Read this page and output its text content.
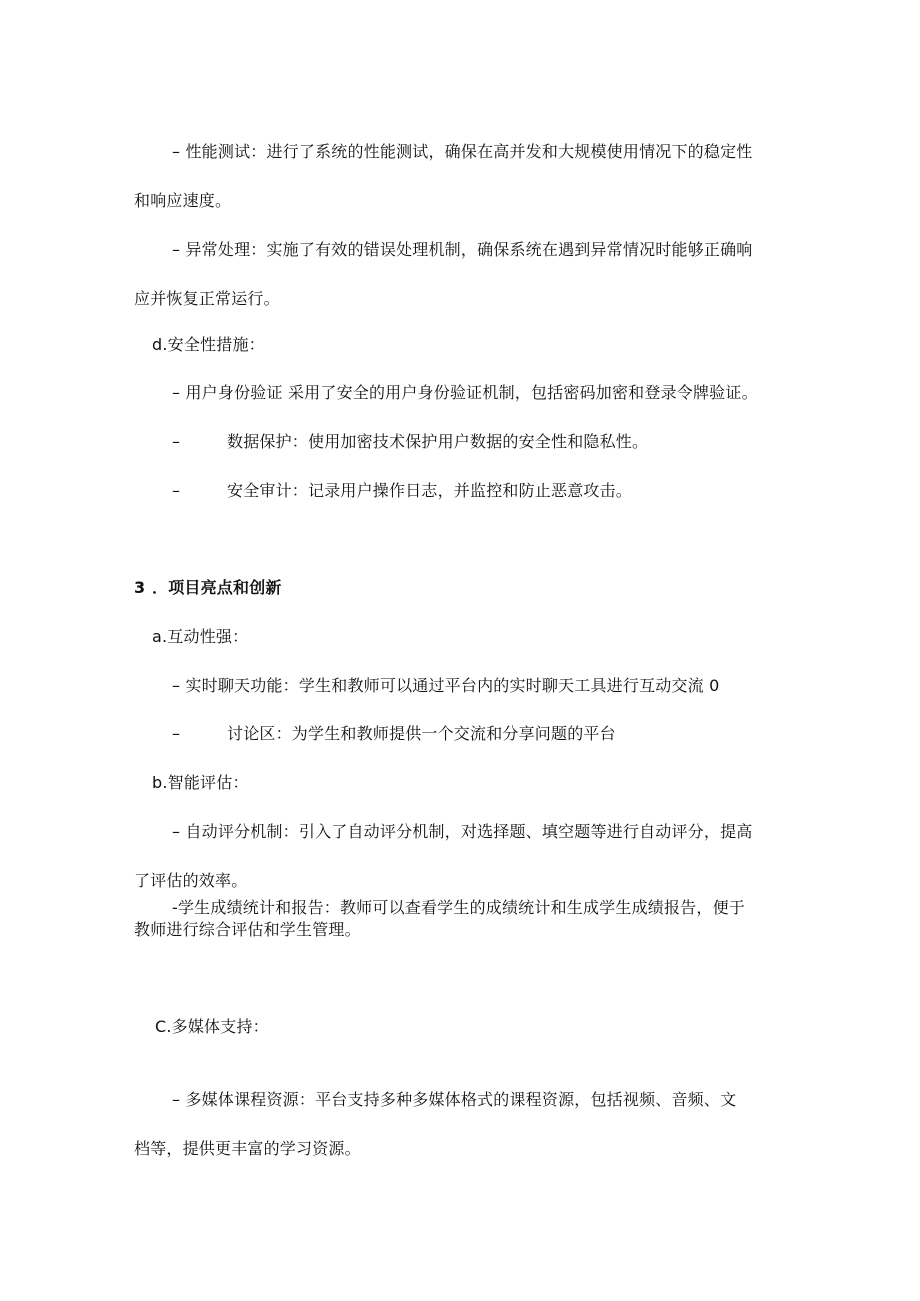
– 性能测试：进行了系统的性能测试，确保在高并发和大规模使用情况下的稳定性
和响应速度。
– 异常处理：实施了有效的错误处理机制，确保系统在遇到异常情况时能够正确响
应并恢复正常运行。
d.安全性措施：
– 用户身份验证 采用了安全的用户身份验证机制，包括密码加密和登录令牌验证。
–	数据保护：使用加密技术保护用户数据的安全性和隐私性。
–	安全审计：记录用户操作日志，并监控和防止恶意攻击。
3 ．项目亮点和创新
a.互动性强：
– 实时聊天功能：学生和教师可以通过平台内的实时聊天工具进行互动交流 0
–	讨论区：为学生和教师提供一个交流和分享问题的平台
b.智能评估：
– 自动评分机制：引入了自动评分机制，对选择题、填空题等进行自动评分，提高
了评估的效率。
-学生成绩统计和报告：教师可以查看学生的成绩统计和生成学生成绩报告，便于
教师进行综合评估和学生管理。
C.多媒体支持：
– 多媒体课程资源：平台支持多种多媒体格式的课程资源，包括视频、音频、文
档等，提供更丰富的学习资源。
